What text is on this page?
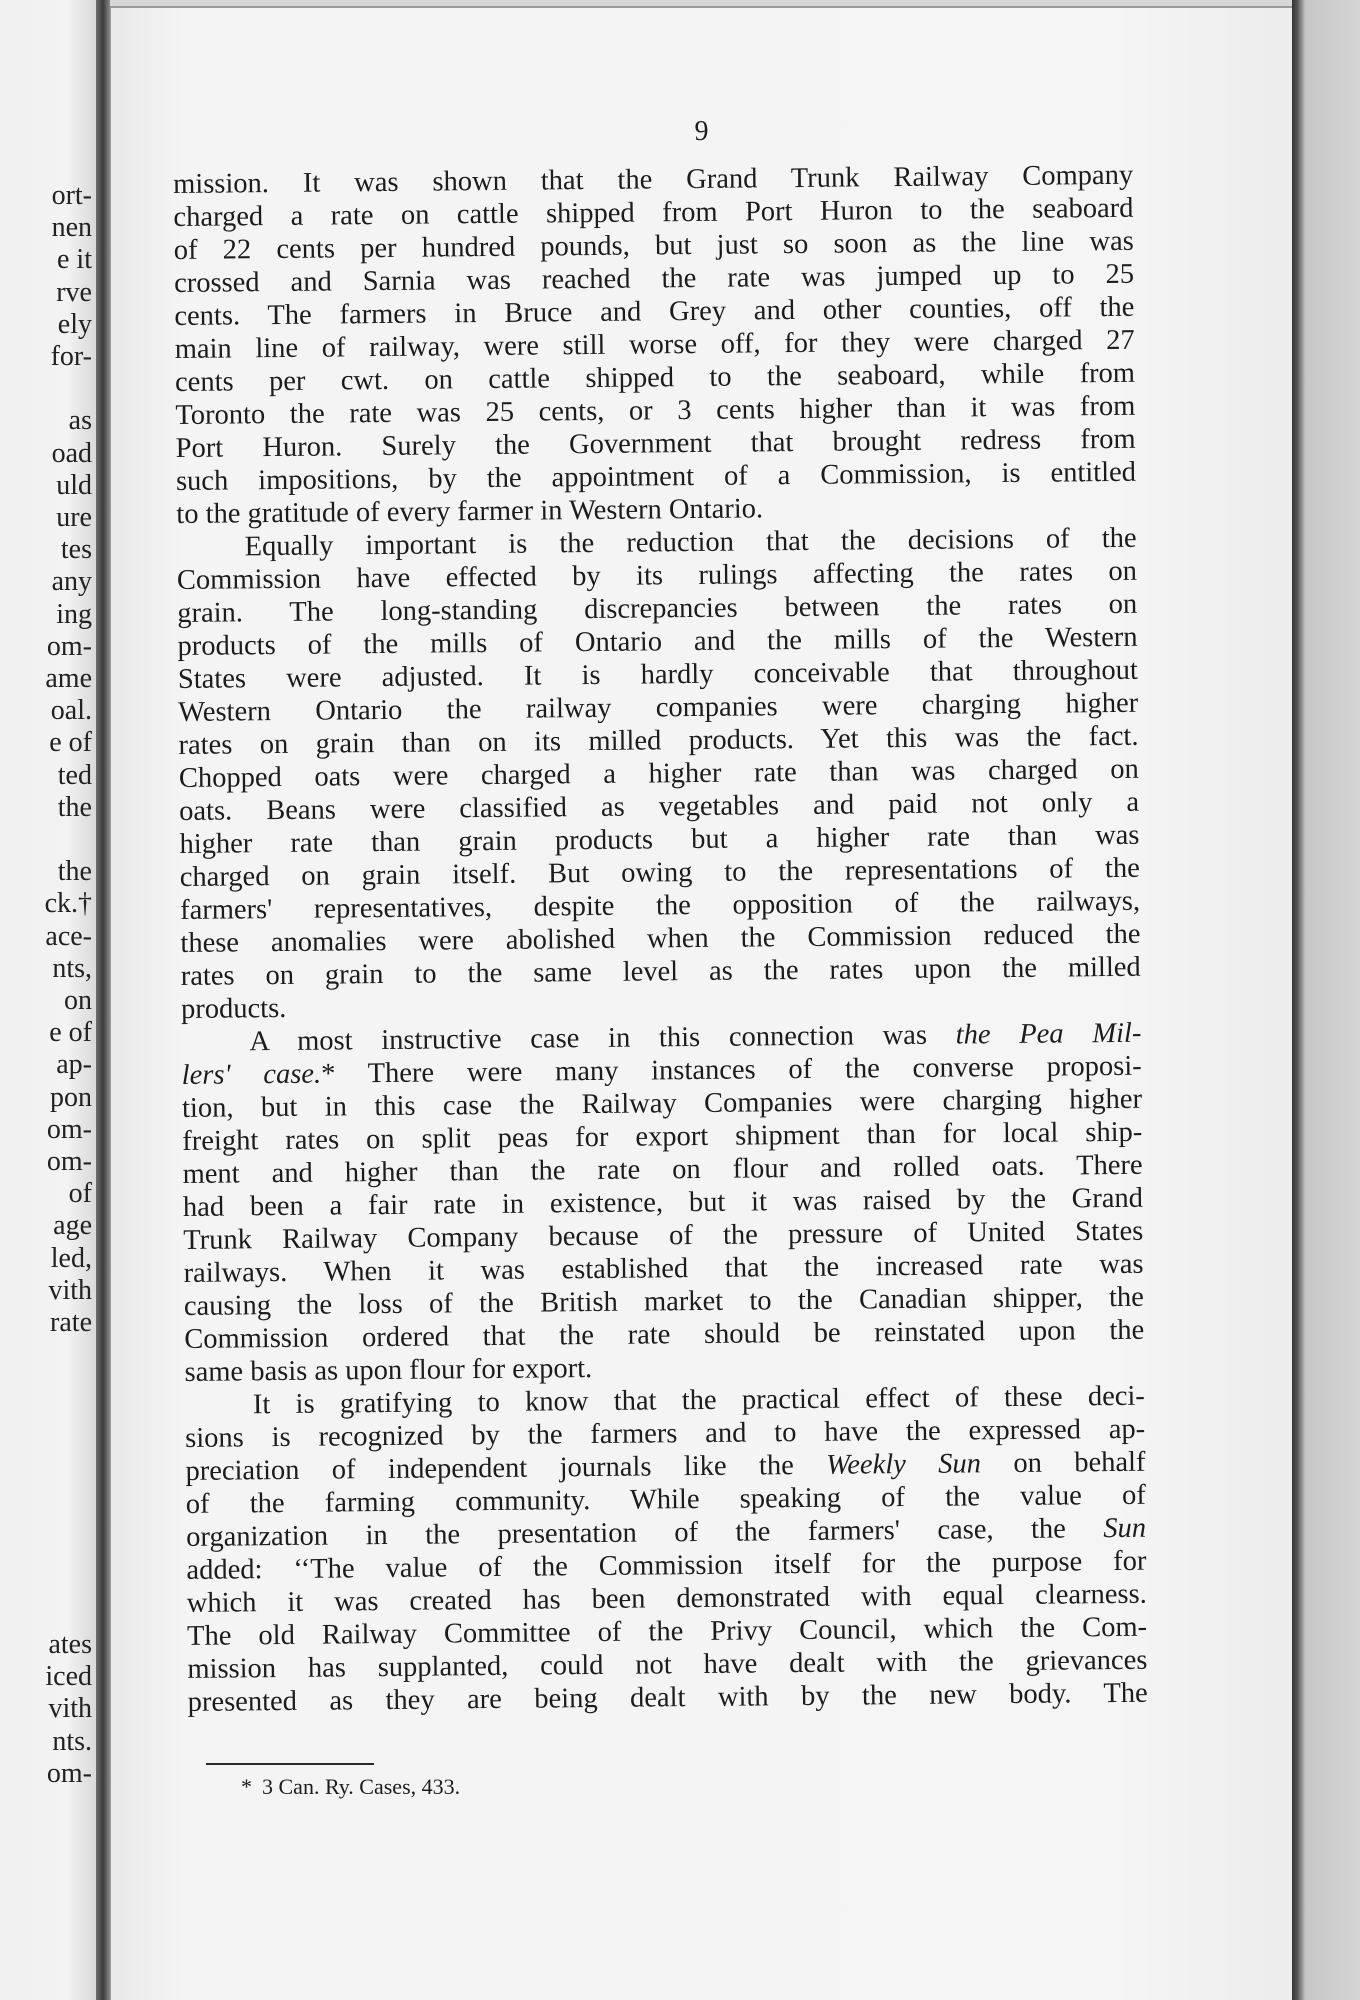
ort-
nen
e it
rve
ely
for-
as
oad
uld
ure
tes
any
ing
om-
ame
oal.
e of
ted
the
the
ck.†
ace-
nts,
on
e of
ap-
pon
om-
om-
of
age
led,
vith
rate
ates
iced
vith
nts.
om-
9
mission. It was shown that the Grand Trunk Railway Company
charged a rate on cattle shipped from Port Huron to the seaboard
of 22 cents per hundred pounds, but just so soon as the line was
crossed and Sarnia was reached the rate was jumped up to 25
cents. The farmers in Bruce and Grey and other counties, off the
main line of railway, were still worse off, for they were charged 27
cents per cwt. on cattle shipped to the seaboard, while from
Toronto the rate was 25 cents, or 3 cents higher than it was from
Port Huron. Surely the Government that brought redress from
such impositions, by the appointment of a Commission, is entitled
to the gratitude of every farmer in Western Ontario.
Equally important is the reduction that the decisions of the
Commission have effected by its rulings affecting the rates on
grain. The long-standing discrepancies between the rates on
products of the mills of Ontario and the mills of the Western
States were adjusted. It is hardly conceivable that throughout
Western Ontario the railway companies were charging higher
rates on grain than on its milled products. Yet this was the fact.
Chopped oats were charged a higher rate than was charged on
oats. Beans were classified as vegetables and paid not only a
higher rate than grain products but a higher rate than was
charged on grain itself. But owing to the representations of the
farmers' representatives, despite the opposition of the railways,
these anomalies were abolished when the Commission reduced the
rates on grain to the same level as the rates upon the milled
products.
A most instructive case in this connection was the Pea Mil-
lers' case.* There were many instances of the converse proposi-
tion, but in this case the Railway Companies were charging higher
freight rates on split peas for export shipment than for local ship-
ment and higher than the rate on flour and rolled oats. There
had been a fair rate in existence, but it was raised by the Grand
Trunk Railway Company because of the pressure of United States
railways. When it was established that the increased rate was
causing the loss of the British market to the Canadian shipper, the
Commission ordered that the rate should be reinstated upon the
same basis as upon flour for export.
It is gratifying to know that the practical effect of these deci-
sions is recognized by the farmers and to have the expressed ap-
preciation of independent journals like the Weekly Sun on behalf
of the farming community. While speaking of the value of
organization in the presentation of the farmers' case, the Sun
added: ‘‘The value of the Commission itself for the purpose for
which it was created has been demonstrated with equal clearness.
The old Railway Committee of the Privy Council, which the Com-
mission has supplanted, could not have dealt with the grievances
presented as they are being dealt with by the new body. The
* 3 Can. Ry. Cases, 433.
